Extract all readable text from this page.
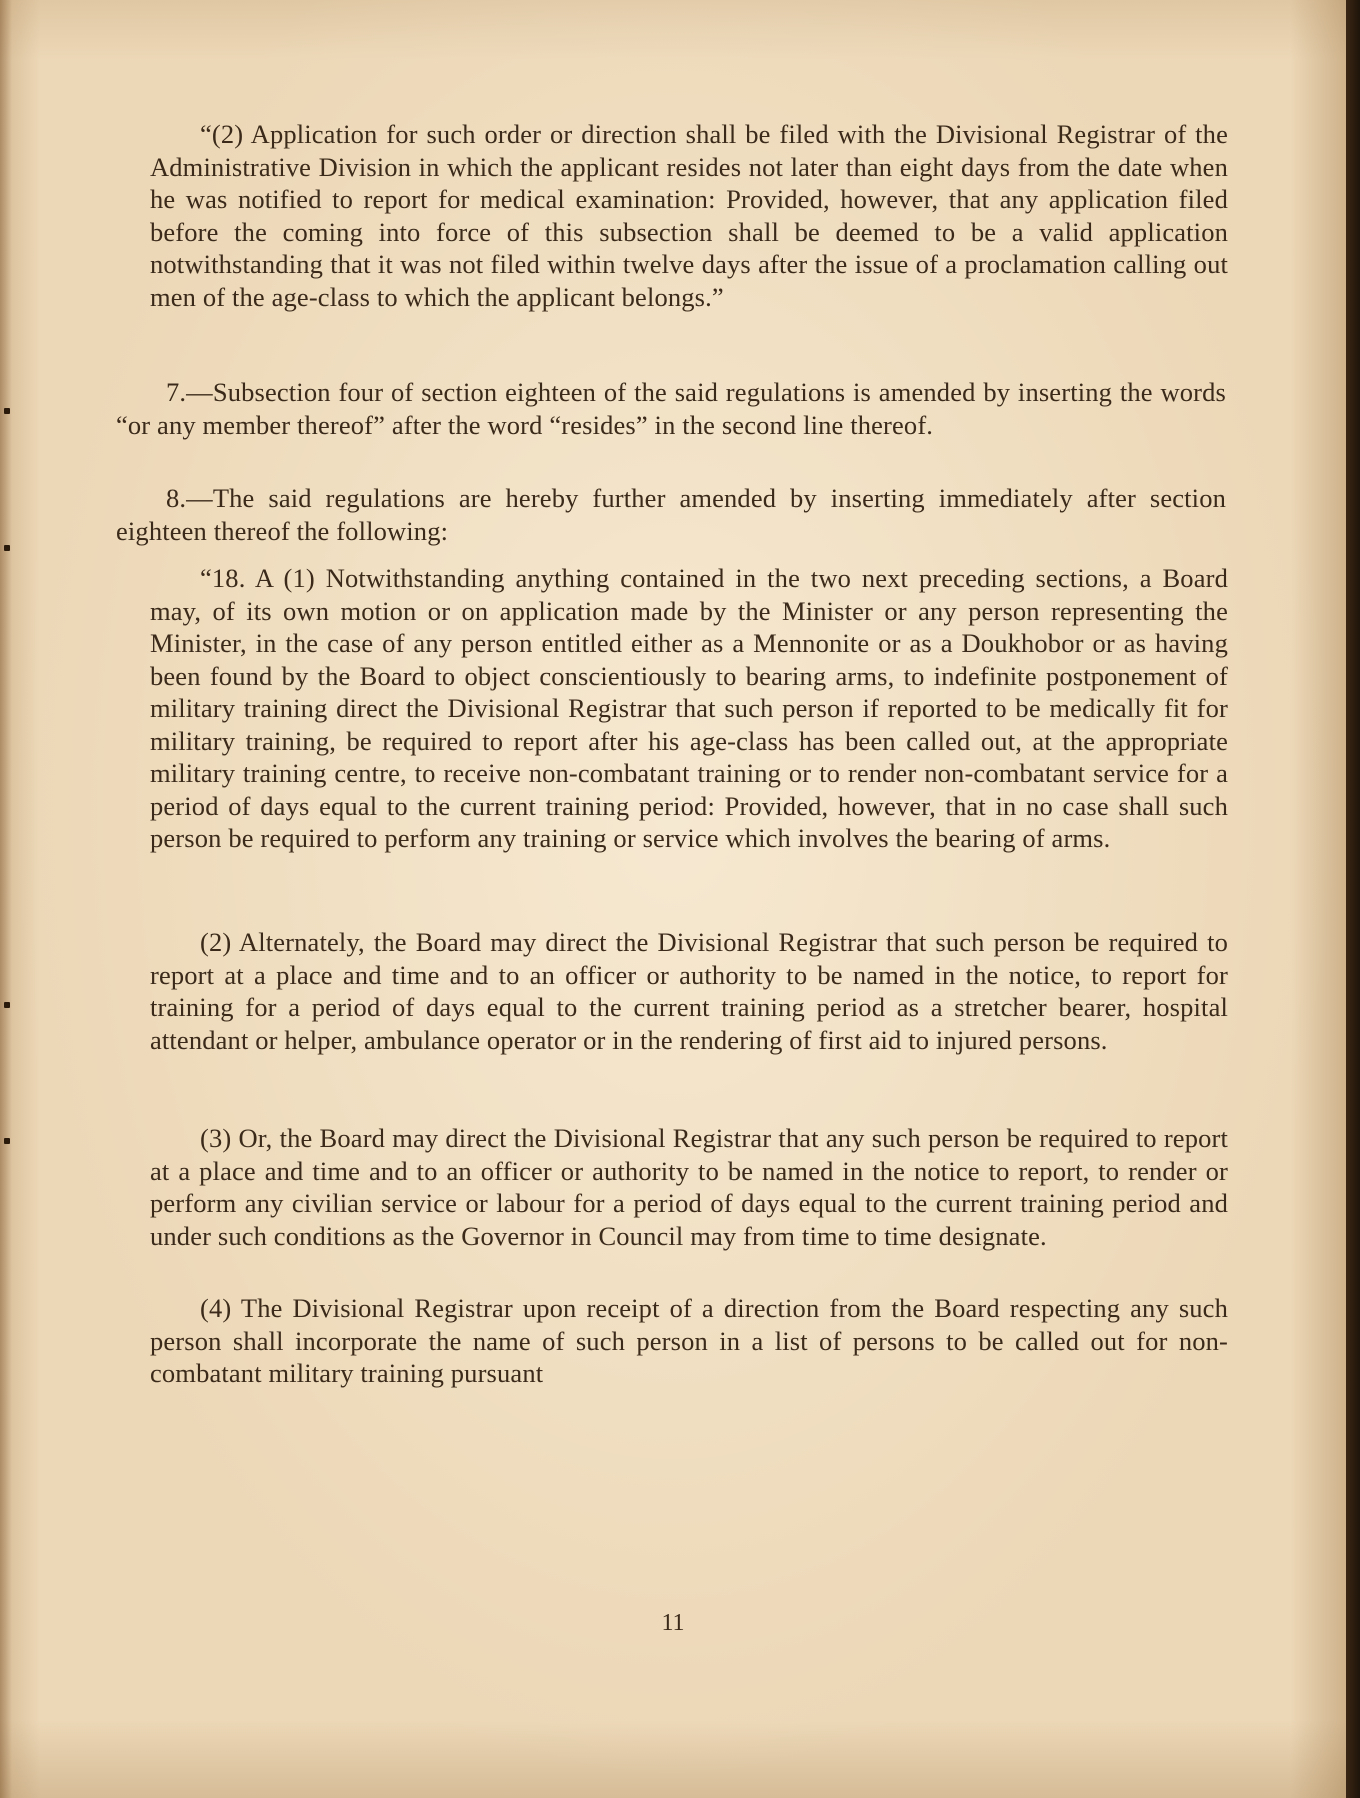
“(2) Application for such order or direction shall be filed with the Divisional Registrar of the Administrative Division in which the applicant resides not later than eight days from the date when he was notified to report for medical examination: Provided, however, that any application filed before the coming into force of this subsection shall be deemed to be a valid application notwithstanding that it was not filed within twelve days after the issue of a proclamation calling out men of the age-class to which the applicant belongs.”

7.—Subsection four of section eighteen of the said regulations is amended by inserting the words “or any member thereof” after the word “resides” in the second line thereof.

8.—The said regulations are hereby further amended by inserting immediately after section eighteen thereof the following:

“18. A (1) Notwithstanding anything contained in the two next preceding sections, a Board may, of its own motion or on application made by the Minister or any person representing the Minister, in the case of any person entitled either as a Mennonite or as a Doukhobor or as having been found by the Board to object conscientiously to bearing arms, to indefinite postponement of military training direct the Divisional Registrar that such person if reported to be medically fit for military training, be required to report after his age-class has been called out, at the appropriate military training centre, to receive non-combatant training or to render non-combatant service for a period of days equal to the current training period: Provided, however, that in no case shall such person be required to perform any training or service which involves the bearing of arms.

(2) Alternately, the Board may direct the Divisional Registrar that such person be required to report at a place and time and to an officer or authority to be named in the notice, to report for training for a period of days equal to the current training period as a stretcher bearer, hospital attendant or helper, ambulance operator or in the rendering of first aid to injured persons.

(3) Or, the Board may direct the Divisional Registrar that any such person be required to report at a place and time and to an officer or authority to be named in the notice to report, to render or perform any civilian service or labour for a period of days equal to the current training period and under such conditions as the Governor in Council may from time to time designate.

(4) The Divisional Registrar upon receipt of a direction from the Board respecting any such person shall incorporate the name of such person in a list of persons to be called out for non-combatant military training pursuant

11
